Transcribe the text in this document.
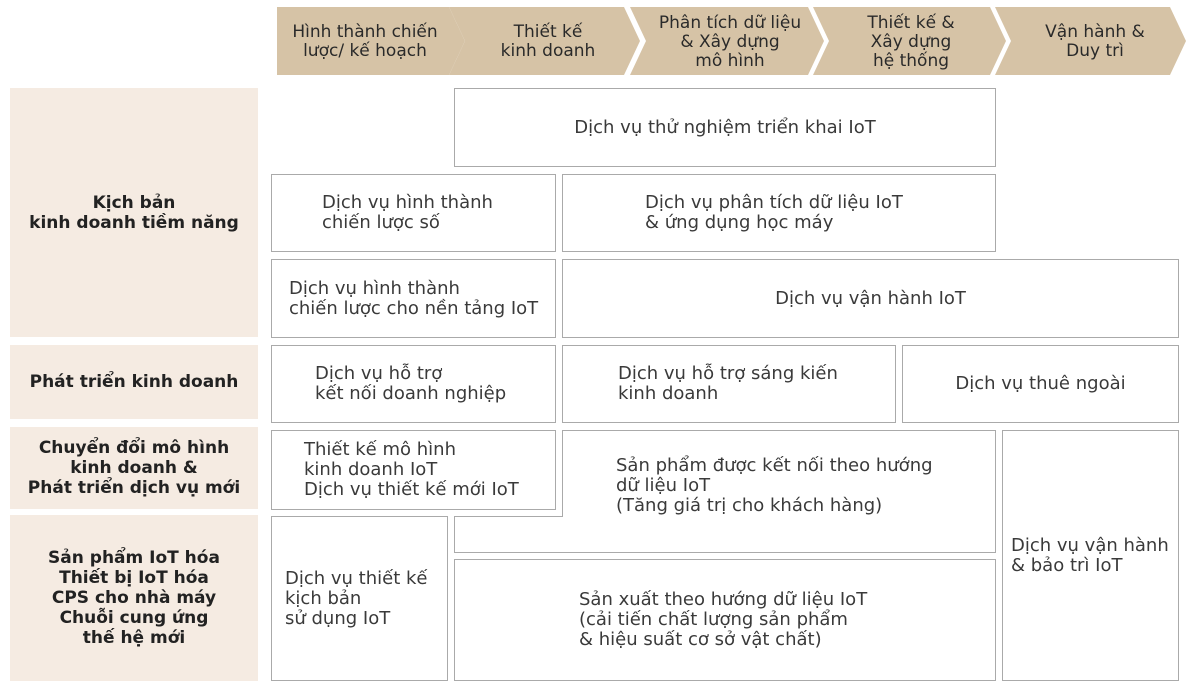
Hình thành chiến
lược/ kế hoạch
Thiết kế
kinh doanh
Phân tích dữ liệu
& Xây dựng
mô hình
Thiết kế &
Xây dựng
hệ thống
Vận hành &
Duy trì
Kịch bản
kinh doanh tiềm năng
Phát triển kinh doanh
Chuyển đổi mô hình
kinh doanh &
Phát triển dịch vụ mới
Sản phẩm IoT hóa
Thiết bị IoT hóa
CPS cho nhà máy
Chuỗi cung ứng
thế hệ mới
Dịch vụ thử nghiệm triển khai IoT
Dịch vụ hình thành
chiến lược số
Dịch vụ phân tích dữ liệu IoT
& ứng dụng học máy
Dịch vụ hình thành
chiến lược cho nền tảng IoT	Dịch vụ vận hành IoT
Dịch vụ hỗ trợ
kết nối doanh nghiệp
Dịch vụ hỗ trợ sáng kiến
kinh doanh	Dịch vụ thuê ngoài
Thiết kế mô hình
kinh doanh IoT
Dịch vụ thiết kế mới IoT
Sản phẩm được kết nối theo hướng
dữ liệu IoT
(Tăng giá trị cho khách hàng)
Dịch vụ vận hành
& bảo trì IoT
Dịch vụ thiết kế
kịch bản
sử dụng IoT
Sản xuất theo hướng dữ liệu IoT
(cải tiến chất lượng sản phẩm
& hiệu suất cơ sở vật chất)
